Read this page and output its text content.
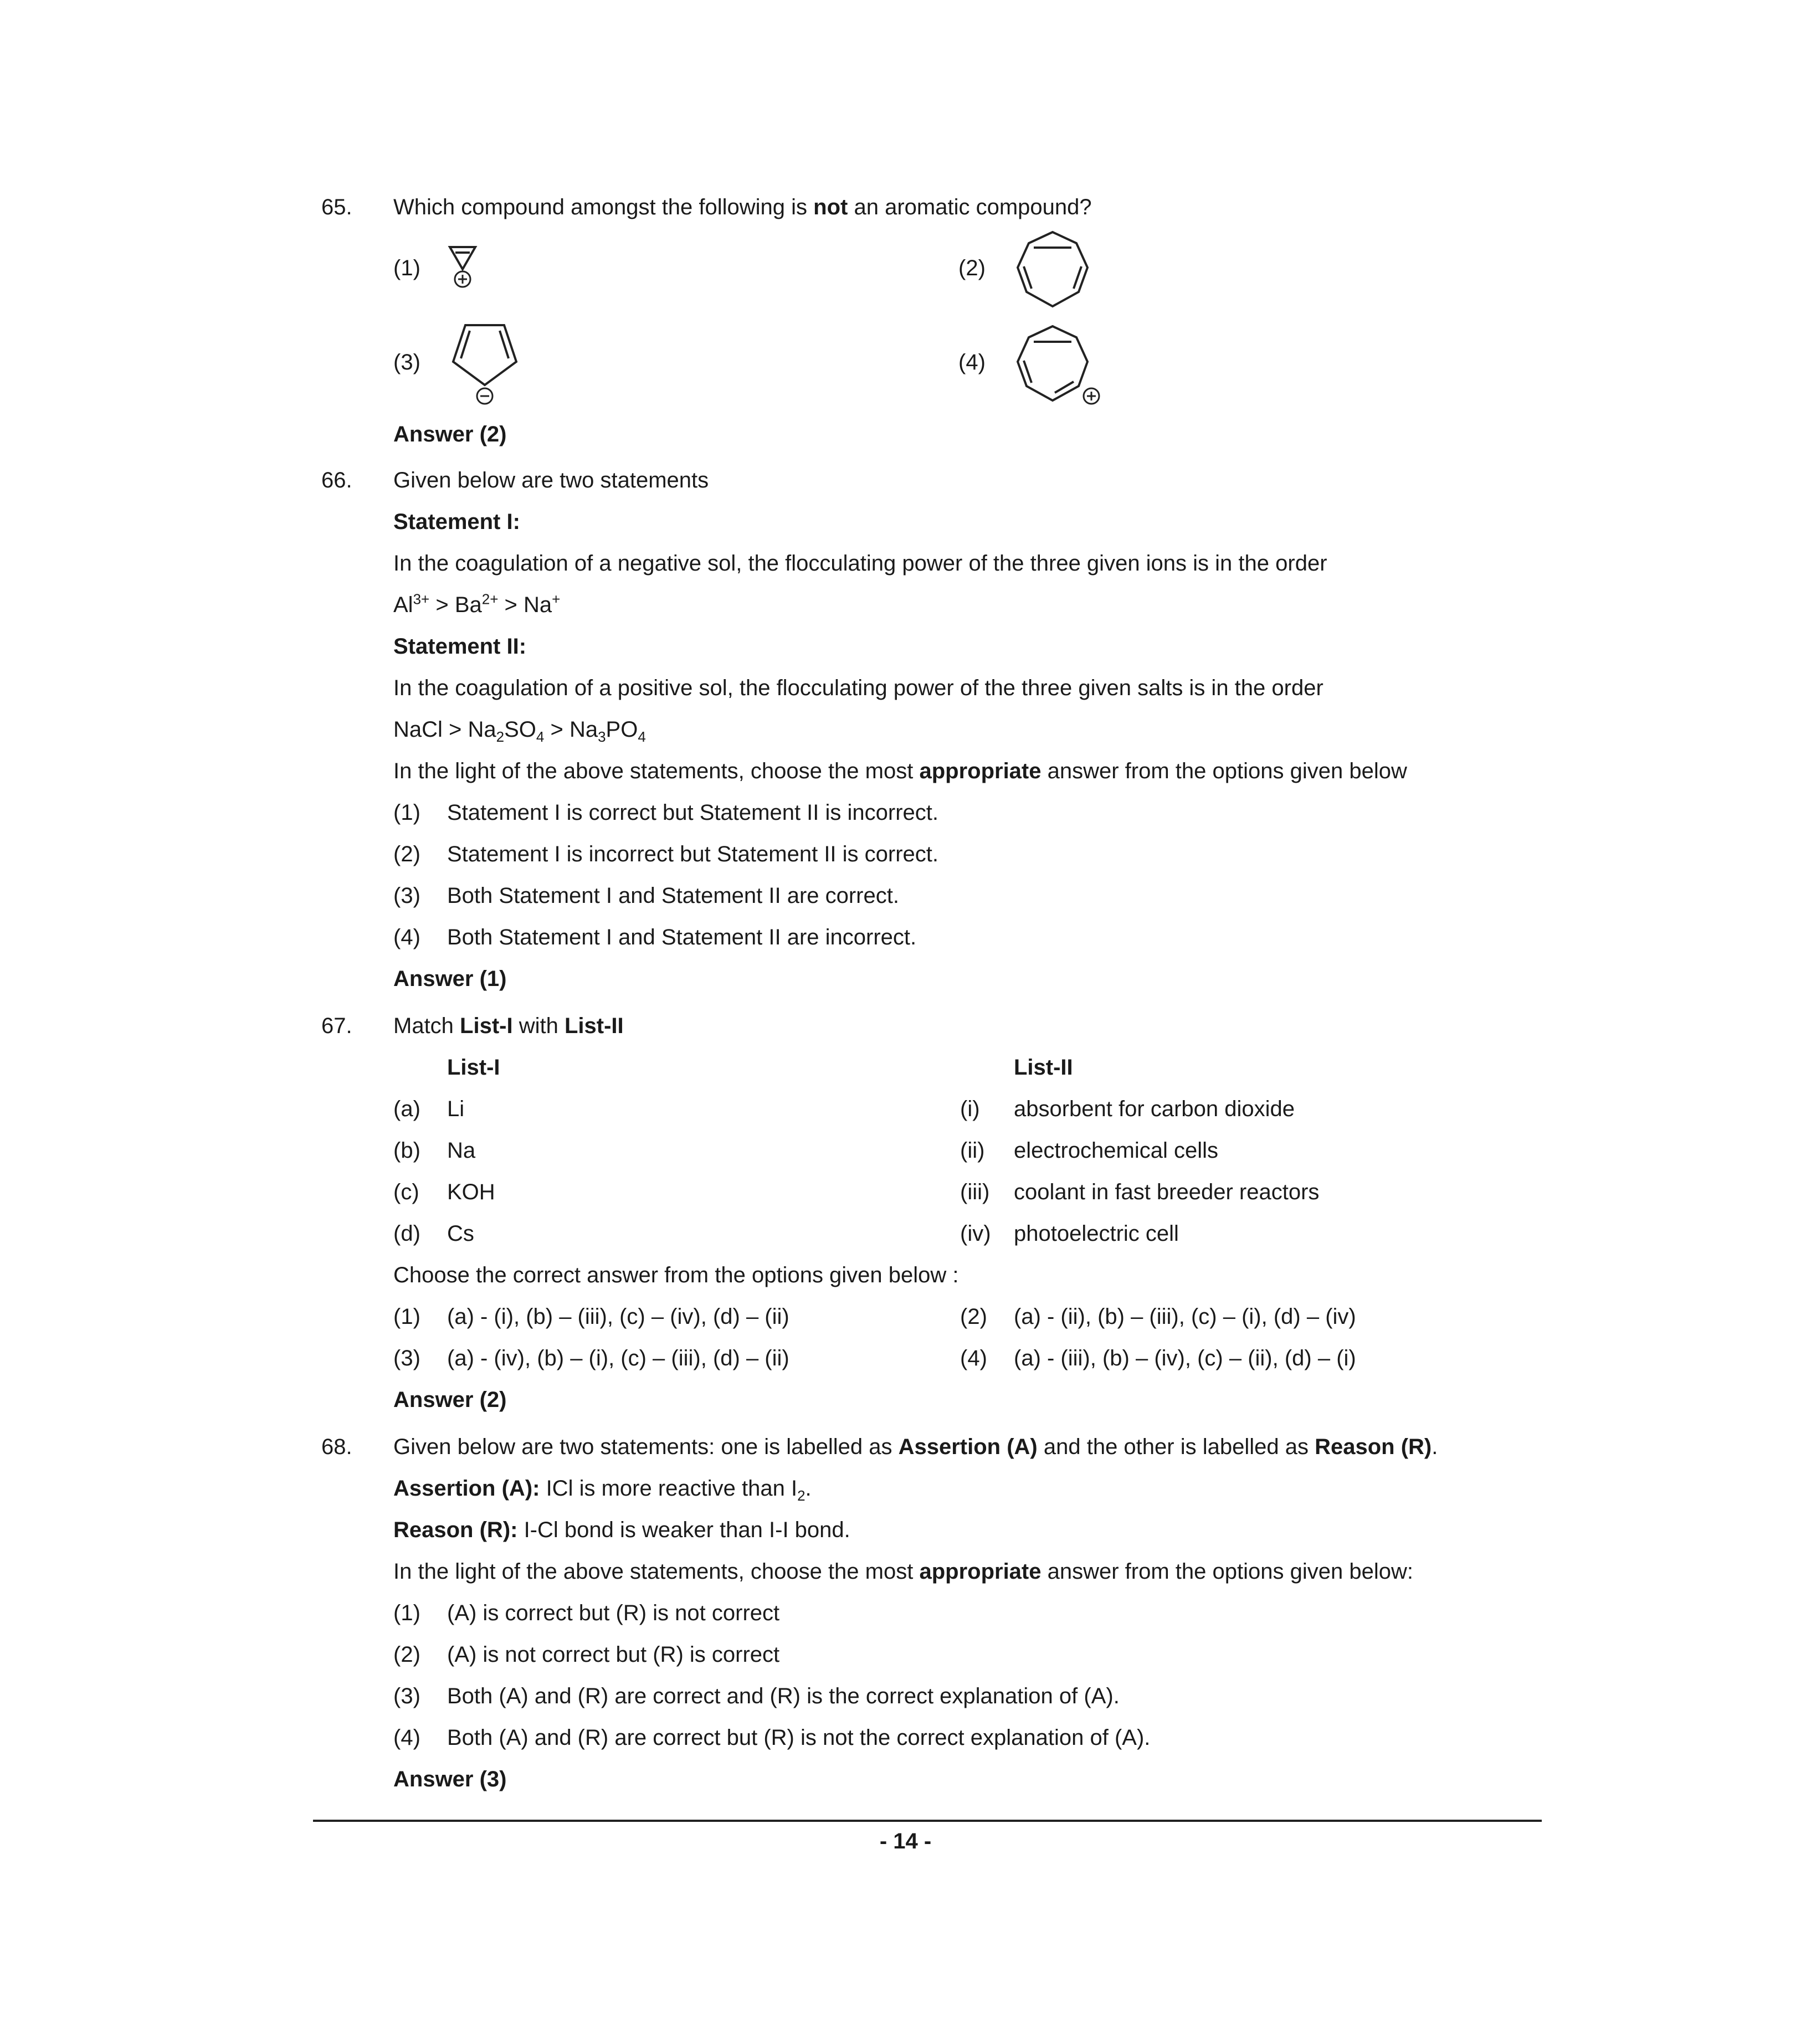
65. Which compound amongst the following is not an aromatic compound?
(1)	(2)
(3)	(4)
Answer (2)
66. Given below are two statements
Statement I:
In the coagulation of a negative sol, the flocculating power of the three given ions is in the order
$Al^{3+} > Ba^{2+} > Na^+$
Statement II:
In the coagulation of a positive sol, the flocculating power of the three given salts is in the order
NaCl > $Na_2SO_4 > Na_3PO_4$
In the light of the above statements, choose the most appropriate answer from the options given below
(1) Statement I is correct but Statement II is incorrect.
(2) Statement I is incorrect but Statement II is correct.
(3) Both Statement I and Statement II are correct.
(4) Both Statement I and Statement II are incorrect.
Answer (1)
67. Match List-I with List-II
List-I	List-II
(a) Li	(i) absorbent for carbon dioxide
(b) Na	(ii) electrochemical cells
(c) KOH	(iii) coolant in fast breeder reactors
(d) Cs	(iv) photoelectric cell
Choose the correct answer from the options given below :
(1) (a) - (i), (b) – (iii), (c) – (iv), (d) – (ii)	(2) (a) - (ii), (b) – (iii), (c) – (i), (d) – (iv)
(3) (a) - (iv), (b) – (i), (c) – (iii), (d) – (ii)	(4) (a) - (iii), (b) – (iv), (c) – (ii), (d) – (i)
Answer (2)
68. Given below are two statements: one is labelled as Assertion (A) and the other is labelled as Reason (R).
Assertion (A): ICl is more reactive than $I_2$.
Reason (R): I-Cl bond is weaker than I-I bond.
In the light of the above statements, choose the most appropriate answer from the options given below:
(1) (A) is correct but (R) is not correct
(2) (A) is not correct but (R) is correct
(3) Both (A) and (R) are correct and (R) is the correct explanation of (A).
(4) Both (A) and (R) are correct but (R) is not the correct explanation of (A).
Answer (3)
- 14 -
